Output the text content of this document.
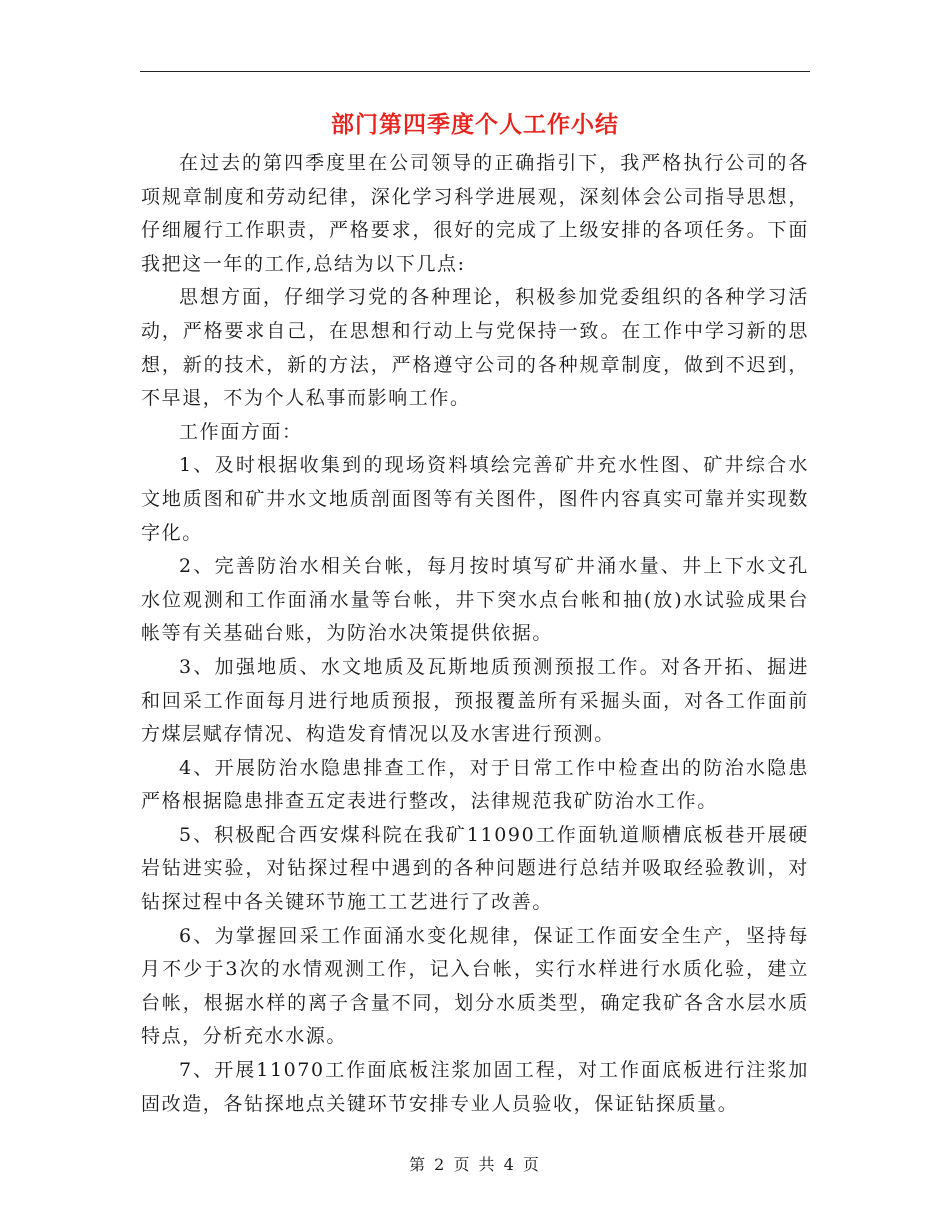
部门第四季度个人工作小结

在过去的第四季度里在公司领导的正确指引下，我严格执行公司的各项规章制度和劳动纪律，深化学习科学进展观，深刻体会公司指导思想，仔细履行工作职责，严格要求，很好的完成了上级安排的各项任务。下面我把这一年的工作,总结为以下几点:

思想方面，仔细学习党的各种理论，积极参加党委组织的各种学习活动，严格要求自己，在思想和行动上与党保持一致。在工作中学习新的思想，新的技术，新的方法，严格遵守公司的各种规章制度，做到不迟到，不早退，不为个人私事而影响工作。

工作面方面：

1、及时根据收集到的现场资料填绘完善矿井充水性图、矿井综合水文地质图和矿井水文地质剖面图等有关图件，图件内容真实可靠并实现数字化。

2、完善防治水相关台帐，每月按时填写矿井涌水量、井上下水文孔水位观测和工作面涌水量等台帐，井下突水点台帐和抽(放)水试验成果台帐等有关基础台账，为防治水决策提供依据。

3、加强地质、水文地质及瓦斯地质预测预报工作。对各开拓、掘进和回采工作面每月进行地质预报，预报覆盖所有采掘头面，对各工作面前方煤层赋存情况、构造发育情况以及水害进行预测。

4、开展防治水隐患排查工作，对于日常工作中检查出的防治水隐患严格根据隐患排查五定表进行整改，法律规范我矿防治水工作。

5、积极配合西安煤科院在我矿11090工作面轨道顺槽底板巷开展硬岩钻进实验，对钻探过程中遇到的各种问题进行总结并吸取经验教训，对钻探过程中各关键环节施工工艺进行了改善。

6、为掌握回采工作面涌水变化规律，保证工作面安全生产，坚持每月不少于3次的水情观测工作，记入台帐，实行水样进行水质化验，建立台帐，根据水样的离子含量不同，划分水质类型，确定我矿各含水层水质特点，分析充水水源。

7、开展11070工作面底板注浆加固工程，对工作面底板进行注浆加固改造，各钻探地点关键环节安排专业人员验收，保证钻探质量。

第 2 页 共 4 页
